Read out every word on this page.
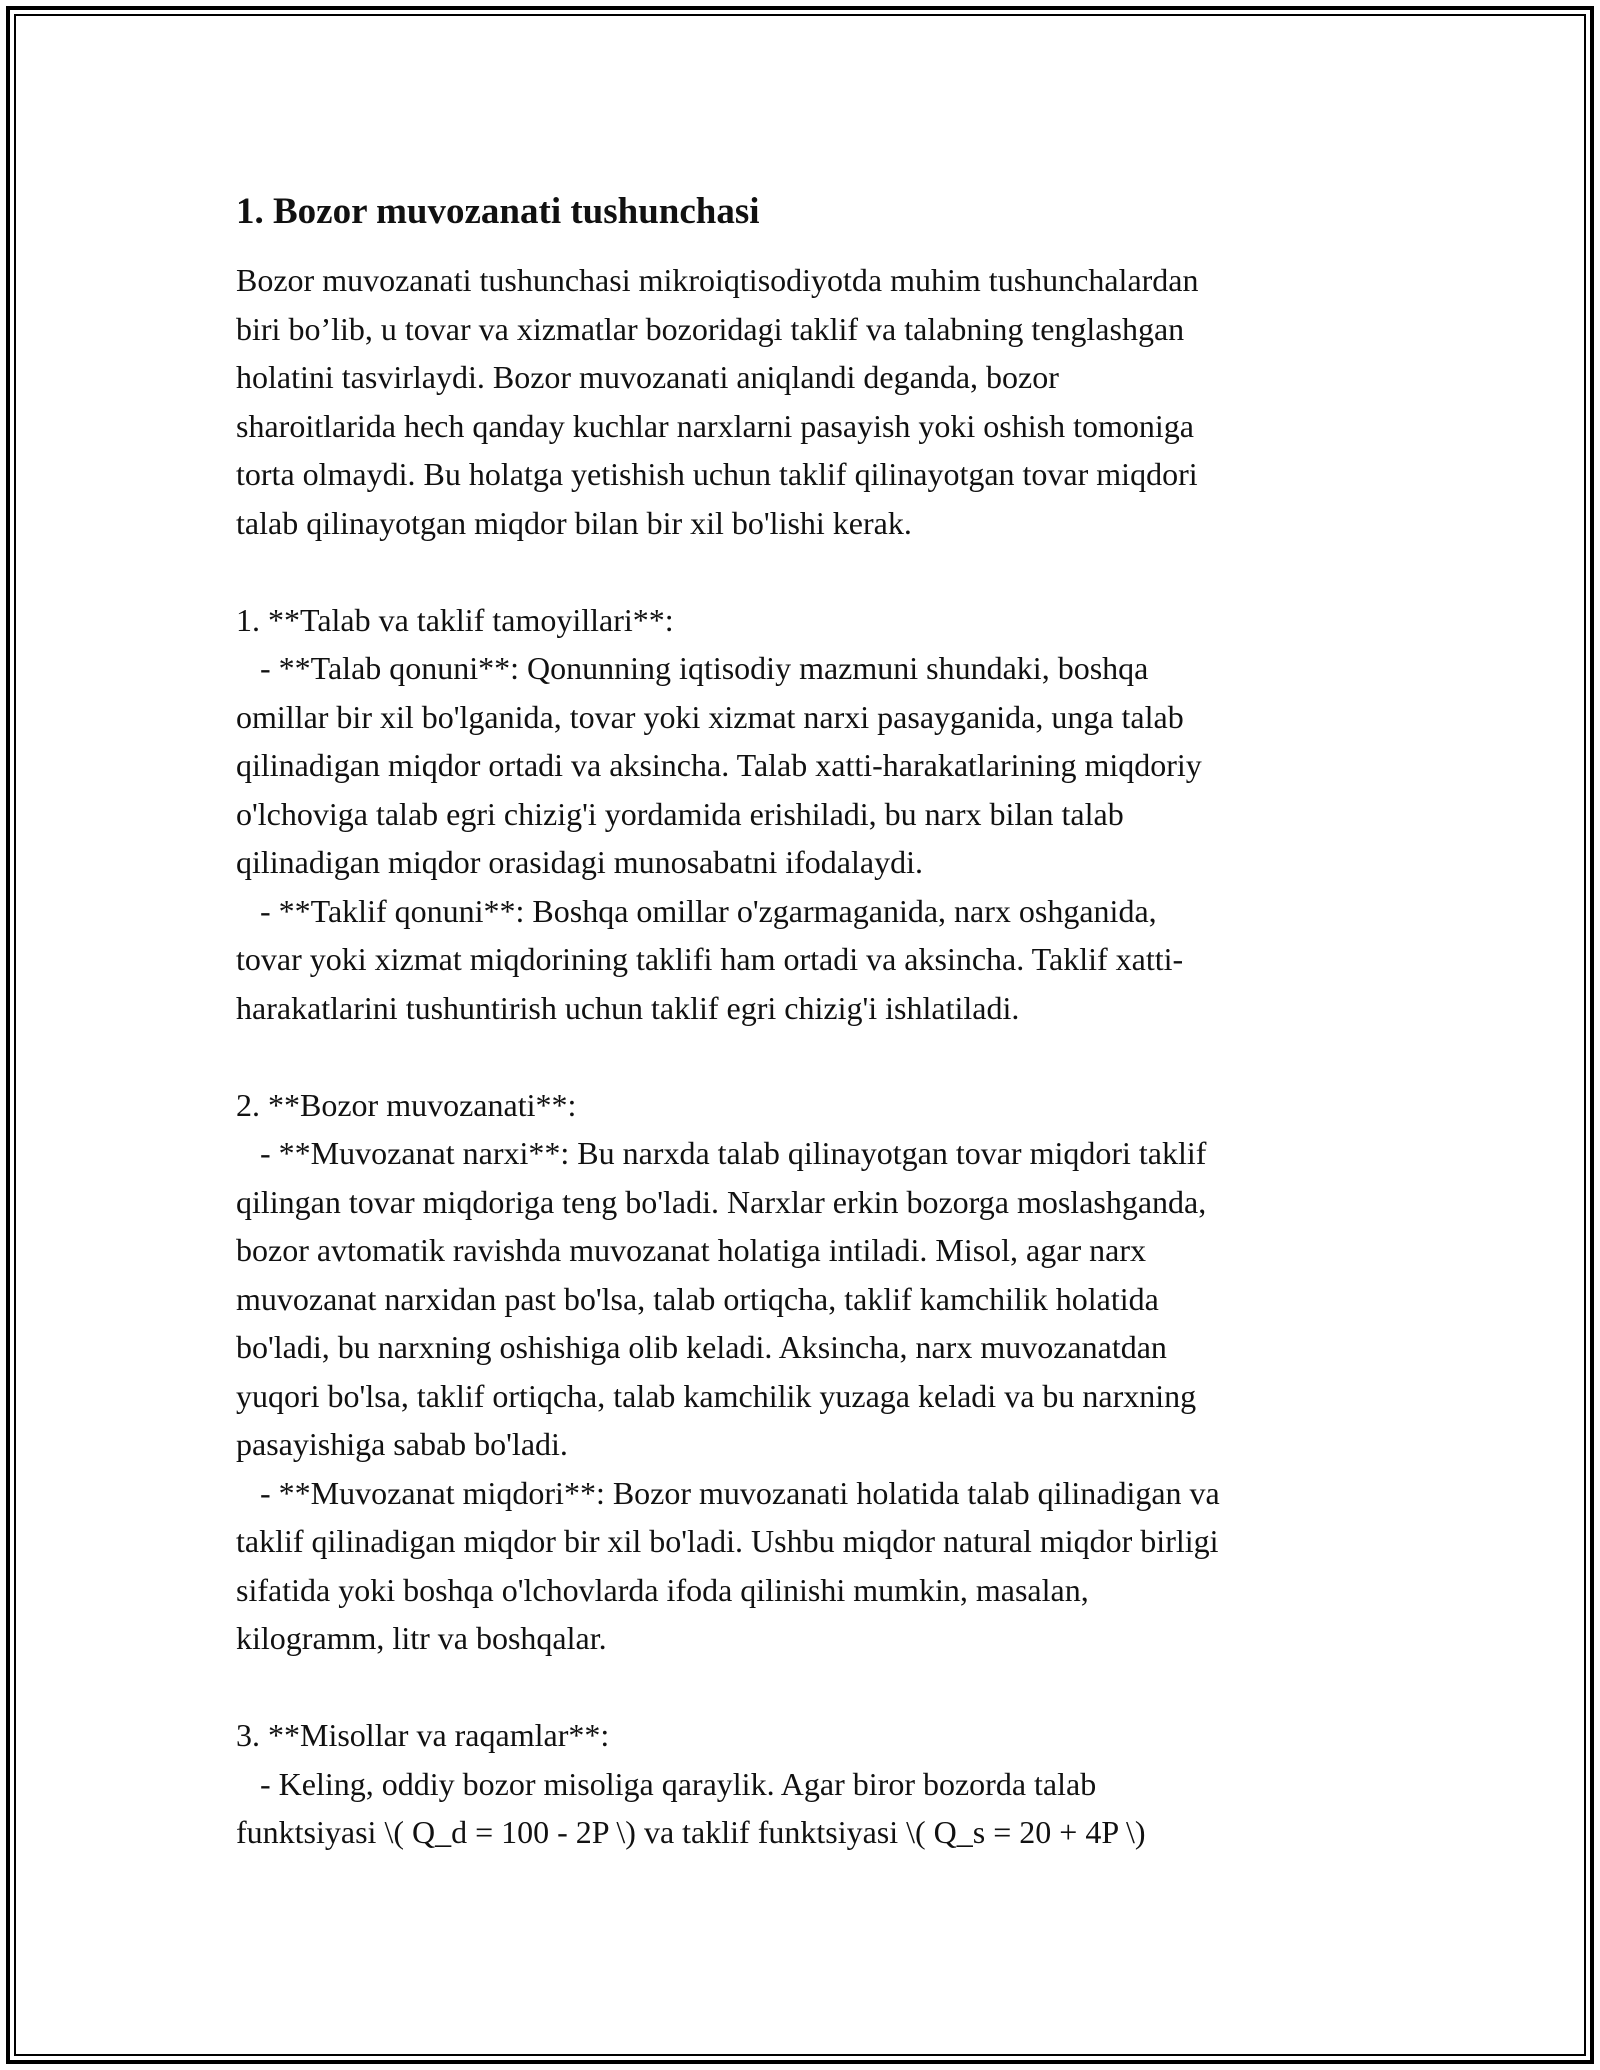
1. Bozor muvozanati tushunchasi
Bozor muvozanati tushunchasi mikroiqtisodiyotda muhim tushunchalardan
biri bo’lib, u tovar va xizmatlar bozoridagi taklif va talabning tenglashgan
holatini tasvirlaydi. Bozor muvozanati aniqlandi deganda, bozor
sharoitlarida hech qanday kuchlar narxlarni pasayish yoki oshish tomoniga
torta olmaydi. Bu holatga yetishish uchun taklif qilinayotgan tovar miqdori
talab qilinayotgan miqdor bilan bir xil bo'lishi kerak.
1. **Talab va taklif tamoyillari**:
- **Talab qonuni**: Qonunning iqtisodiy mazmuni shundaki, boshqa
omillar bir xil bo'lganida, tovar yoki xizmat narxi pasayganida, unga talab
qilinadigan miqdor ortadi va aksincha. Talab xatti-harakatlarining miqdoriy
o'lchoviga talab egri chizig'i yordamida erishiladi, bu narx bilan talab
qilinadigan miqdor orasidagi munosabatni ifodalaydi.
- **Taklif qonuni**: Boshqa omillar o'zgarmaganida, narx oshganida,
tovar yoki xizmat miqdorining taklifi ham ortadi va aksincha. Taklif xatti-
harakatlarini tushuntirish uchun taklif egri chizig'i ishlatiladi.
2. **Bozor muvozanati**:
- **Muvozanat narxi**: Bu narxda talab qilinayotgan tovar miqdori taklif
qilingan tovar miqdoriga teng bo'ladi. Narxlar erkin bozorga moslashganda,
bozor avtomatik ravishda muvozanat holatiga intiladi. Misol, agar narx
muvozanat narxidan past bo'lsa, talab ortiqcha, taklif kamchilik holatida
bo'ladi, bu narxning oshishiga olib keladi. Aksincha, narx muvozanatdan
yuqori bo'lsa, taklif ortiqcha, talab kamchilik yuzaga keladi va bu narxning
pasayishiga sabab bo'ladi.
- **Muvozanat miqdori**: Bozor muvozanati holatida talab qilinadigan va
taklif qilinadigan miqdor bir xil bo'ladi. Ushbu miqdor natural miqdor birligi
sifatida yoki boshqa o'lchovlarda ifoda qilinishi mumkin, masalan,
kilogramm, litr va boshqalar.
3. **Misollar va raqamlar**:
- Keling, oddiy bozor misoliga qaraylik. Agar biror bozorda talab
funktsiyasi \( Q_d = 100 - 2P \) va taklif funktsiyasi \( Q_s = 20 + 4P \)
